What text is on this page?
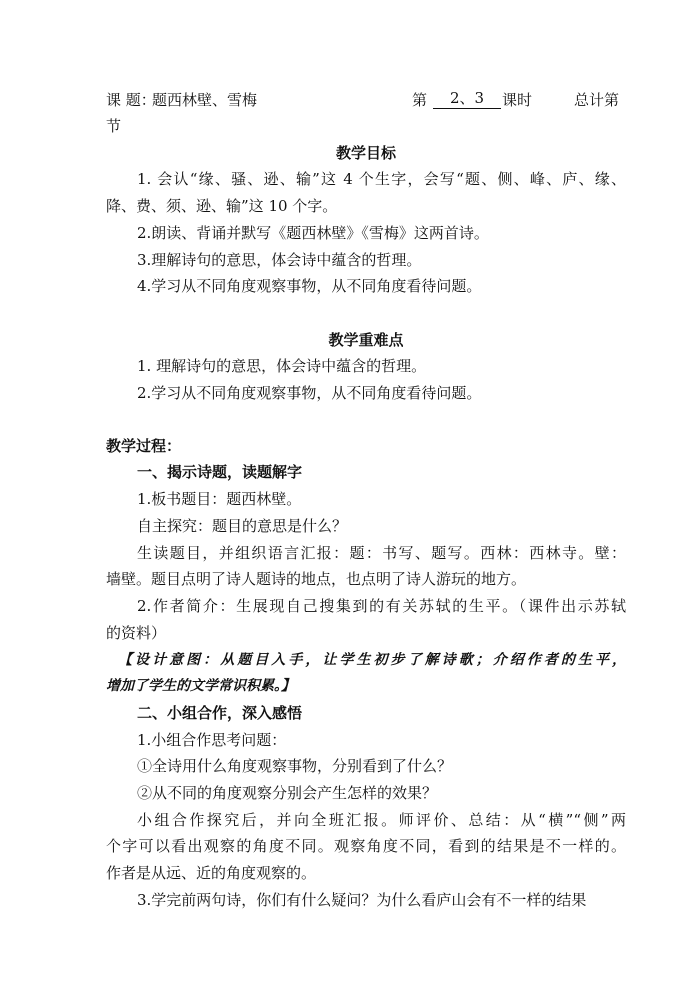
课 题：
题西林壁、雪梅	第	2、3	课时	总计第
节
教学目标
1. 会认“缘、骚、逊、输”这 4 个生字，会写“题、侧、峰、庐、缘、
降、费、须、逊、输”这 10 个字。
2.朗读、背诵并默写《题西林壁》《雪梅》这两首诗。
3.理解诗句的意思，体会诗中蕴含的哲理。
4.学习从不同角度观察事物，从不同角度看待问题。
教学重难点
1. 理解诗句的意思，体会诗中蕴含的哲理。
2.学习从不同角度观察事物，从不同角度看待问题。
教学过程：
一、揭示诗题，读题解字
1.板书题目：题西林壁。
自主探究：题目的意思是什么？
生读题目，并组织语言汇报：题：书写、题写。西林：西林寺。壁：
墙壁。题目点明了诗人题诗的地点，也点明了诗人游玩的地方。
2.作者简介：生展现自己搜集到的有关苏轼的生平。（课件出示苏轼
的资料）
【设计意图：从题目入手，让学生初步了解诗歌；介绍作者的生平，
增加了学生的文学常识积累。】
二、小组合作，深入感悟
1.小组合作思考问题：
①全诗用什么角度观察事物，分别看到了什么？
②从不同的角度观察分别会产生怎样的效果？
小组合作探究后，并向全班汇报。师评价、总结：从“横”“侧”两
个字可以看出观察的角度不同。观察角度不同，看到的结果是不一样的。
作者是从远、近的角度观察的。
3.学完前两句诗，你们有什么疑问？为什么看庐山会有不一样的结果
